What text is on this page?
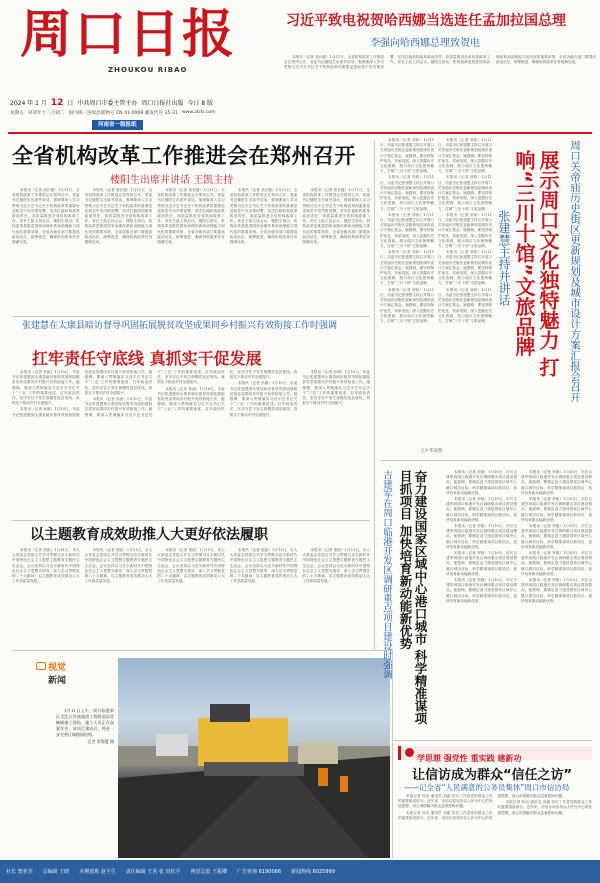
周口日报
ZHOUKOU RIBAO
习近平致电祝贺哈西娜当选连任孟加拉国总理
李强向哈西娜总理致贺电

本报讯（记者 高长健）1月11日，全省机构改革工作推进会在郑州召开。省委书记楼阳生出席并讲话，强调要深入学习贯彻习近平总书记关于机构改革的重要论述和党中央决策部署，坚决扛稳机构改革政治责任，高质量推进全省机构改革工作。省长王凯主持会议。楼阳生指出，机构改革是推进国家治理体系和治理能力现代化的重要举措，全省各级各部门要提高政治站位，统筹推进，确保机构改革任务圆满完成。

2024 年 1 月 12 日 中共周口市委主管主办 周口日报社出版 今日 8 版
星期五 癸卯年十二月初二 国内统一连续出版物号 CN 41-0069 邮发代号 35-31 www.zkrb.com
河南省一级报纸
全省机构改革工作推进会在郑州召开
楼阳生出席并讲话 王凯主持

本报讯（记者 高长健）1月11日，全省机构改革工作推进会在郑州召开。省委书记楼阳生出席并讲话，强调要深入学习贯彻习近平总书记关于机构改革的重要论述和党中央决策部署，坚决扛稳机构改革政治责任，高质量推进全省机构改革工作。省长王凯主持会议。楼阳生指出，机构改革是推进国家治理体系和治理能力现代化的重要举措，全省各级各部门要提高政治站位，统筹推进，确保机构改革任务圆满完成。

本报讯（记者 高长健）1月11日，全省机构改革工作推进会在郑州召开。省委书记楼阳生出席并讲话，强调要深入学习贯彻习近平总书记关于机构改革的重要论述和党中央决策部署，坚决扛稳机构改革政治责任，高质量推进全省机构改革工作。省长王凯主持会议。楼阳生指出，机构改革是推进国家治理体系和治理能力现代化的重要举措，全省各级各部门要提高政治站位，统筹推进，确保机构改革任务圆满完成。

本报讯（记者 高长健）1月11日，全省机构改革工作推进会在郑州召开。省委书记楼阳生出席并讲话，强调要深入学习贯彻习近平总书记关于机构改革的重要论述和党中央决策部署，坚决扛稳机构改革政治责任，高质量推进全省机构改革工作。省长王凯主持会议。楼阳生指出，机构改革是推进国家治理体系和治理能力现代化的重要举措，全省各级各部门要提高政治站位，统筹推进，确保机构改革任务圆满完成。

本报讯（记者 高长健）1月11日，全省机构改革工作推进会在郑州召开。省委书记楼阳生出席并讲话，强调要深入学习贯彻习近平总书记关于机构改革的重要论述和党中央决策部署，坚决扛稳机构改革政治责任，高质量推进全省机构改革工作。省长王凯主持会议。楼阳生指出，机构改革是推进国家治理体系和治理能力现代化的重要举措，全省各级各部门要提高政治站位，统筹推进，确保机构改革任务圆满完成。

本报讯（记者 高长健）1月11日，全省机构改革工作推进会在郑州召开。省委书记楼阳生出席并讲话，强调要深入学习贯彻习近平总书记关于机构改革的重要论述和党中央决策部署，坚决扛稳机构改革政治责任，高质量推进全省机构改革工作。省长王凯主持会议。楼阳生指出，机构改革是推进国家治理体系和治理能力现代化的重要举措，全省各级各部门要提高政治站位，统筹推进，确保机构改革任务圆满完成。

张建慧在太康县暗访督导巩固拓展脱贫攻坚成果同乡村振兴有效衔接工作时强调
扛牢责任守底线 真抓实干促发展

本报讯（记者 孙丽）1月10日，市委书记张建慧到太康县暗访督导巩固拓展脱贫攻坚成果同乡村振兴有效衔接工作。她强调，要深入贯彻落实习近平总书记关于“三农”工作的重要论述，扛牢政治责任，坚决守住不发生规模性返贫底线，真抓实干推动乡村全面振兴。

本报讯（记者 孙丽）1月10日，市委书记张建慧到太康县暗访督导巩固拓展脱贫攻坚成果同乡村振兴有效衔接工作。她强调，要深入贯彻落实习近平总书记关于“三农”工作的重要论述，扛牢政治责任，坚决守住不发生规模性返贫底线，真抓实干推动乡村全面振兴。

本报讯（记者 孙丽）1月10日，市委书记张建慧到太康县暗访督导巩固拓展脱贫攻坚成果同乡村振兴有效衔接工作。她强调，要深入贯彻落实习近平总书记关于“三农”工作的重要论述，扛牢政治责任，坚决守住不发生规模性返贫底线，真抓实干推动乡村全面振兴。

本报讯（记者 孙丽）1月10日，市委书记张建慧到太康县暗访督导巩固拓展脱贫攻坚成果同乡村振兴有效衔接工作。她强调，要深入贯彻落实习近平总书记关于“三农”工作的重要论述，扛牢政治责任，坚决守住不发生规模性返贫底线，真抓实干推动乡村全面振兴。

本报讯（记者 孙丽）1月10日，市委书记张建慧到太康县暗访督导巩固拓展脱贫攻坚成果同乡村振兴有效衔接工作。她强调，要深入贯彻落实习近平总书记关于“三农”工作的重要论述，扛牢政治责任，坚决守住不发生规模性返贫底线，真抓实干推动乡村全面振兴。

本报讯（记者 孙丽）1月10日，市委书记张建慧到太康县暗访督导巩固拓展脱贫攻坚成果同乡村振兴有效衔接工作。她强调，要深入贯彻落实习近平总书记关于“三农”工作的重要论述，扛牢政治责任，坚决守住不发生规模性返贫底线，真抓实干推动乡村全面振兴。

以主题教育成效助推人大更好依法履职

本报讯（记者 邢凯）1月11日，市人大常委会党组召开学习贯彻习近平新时代中国特色社会主义思想主题教育专题民主生活会。会议坚持以习近平新时代中国特色社会主义思想为指导，深入学习贯彻党的二十大精神，以主题教育成效推动人大工作高质量发展。

本报讯（记者 邢凯）1月11日，市人大常委会党组召开学习贯彻习近平新时代中国特色社会主义思想主题教育专题民主生活会。会议坚持以习近平新时代中国特色社会主义思想为指导，深入学习贯彻党的二十大精神，以主题教育成效推动人大工作高质量发展。

本报讯（记者 邢凯）1月11日，市人大常委会党组召开学习贯彻习近平新时代中国特色社会主义思想主题教育专题民主生活会。会议坚持以习近平新时代中国特色社会主义思想为指导，深入学习贯彻党的二十大精神，以主题教育成效推动人大工作高质量发展。

本报讯（记者 邢凯）1月11日，市人大常委会党组召开学习贯彻习近平新时代中国特色社会主义思想主题教育专题民主生活会。会议坚持以习近平新时代中国特色社会主义思想为指导，深入学习贯彻党的二十大精神，以主题教育成效推动人大工作高质量发展。

本报讯（记者 邢凯）1月11日，市人大常委会党组召开学习贯彻习近平新时代中国特色社会主义思想主题教育专题民主生活会。会议坚持以习近平新时代中国特色社会主义思想为指导，深入学习贯彻党的二十大精神，以主题教育成效推动人大工作高质量发展。

视觉
新闻

1月11日上午，周口临港新区至沈丘快速通道工程路面沥青摊铺施工现场，施工人员正在加紧作业。该项目建成后，将进一步完善区域路网结构。

记者 窦海慧 摄

本报讯（记者 刘伟）1月11日，市委书记张建慧主持召开周口关帝庙历史街区更新规划及城市设计方案汇报会。她强调，要坚持保护优先、传承发展，深入挖掘历史文化资源，展示周口文化独特魅力，打响“三川十馆”文旅品牌。

本报讯（记者 刘伟）1月11日，市委书记张建慧主持召开周口关帝庙历史街区更新规划及城市设计方案汇报会。她强调，要坚持保护优先、传承发展，深入挖掘历史文化资源，展示周口文化独特魅力，打响“三川十馆”文旅品牌。

本报讯（记者 刘伟）1月11日，市委书记张建慧主持召开周口关帝庙历史街区更新规划及城市设计方案汇报会。她强调，要坚持保护优先、传承发展，深入挖掘历史文化资源，展示周口文化独特魅力，打响“三川十馆”文旅品牌。

本报讯（记者 刘伟）1月11日，市委书记张建慧主持召开周口关帝庙历史街区更新规划及城市设计方案汇报会。她强调，要坚持保护优先、传承发展，深入挖掘历史文化资源，展示周口文化独特魅力，打响“三川十馆”文旅品牌。

本报讯（记者 刘伟）1月11日，市委书记张建慧主持召开周口关帝庙历史街区更新规划及城市设计方案汇报会。她强调，要坚持保护优先、传承发展，深入挖掘历史文化资源，展示周口文化独特魅力，打响“三川十馆”文旅品牌。

本报讯（记者 刘伟）1月11日，市委书记张建慧主持召开周口关帝庙历史街区更新规划及城市设计方案汇报会。她强调，要坚持保护优先、传承发展，深入挖掘历史文化资源，展示周口文化独特魅力，打响“三川十馆”文旅品牌。

本报讯（记者 刘伟）1月11日，市委书记张建慧主持召开周口关帝庙历史街区更新规划及城市设计方案汇报会。她强调，要坚持保护优先、传承发展，深入挖掘历史文化资源，展示周口文化独特魅力，打响“三川十馆”文旅品牌。

本报讯（记者 刘伟）1月11日，市委书记张建慧主持召开周口关帝庙历史街区更新规划及城市设计方案汇报会。她强调，要坚持保护优先、传承发展，深入挖掘历史文化资源，展示周口文化独特魅力，打响“三川十馆”文旅品牌。

本报讯（记者 刘伟）1月11日，市委书记张建慧主持召开周口关帝庙历史街区更新规划及城市设计方案汇报会。她强调，要坚持保护优先、传承发展，深入挖掘历史文化资源，展示周口文化独特魅力，打响“三川十馆”文旅品牌。

本报讯（记者 刘伟）1月11日，市委书记张建慧主持召开周口关帝庙历史街区更新规划及城市设计方案汇报会。她强调，要坚持保护优先、传承发展，深入挖掘历史文化资源，展示周口文化独特魅力，打响“三川十馆”文旅品牌。

张建慧主持并讲话	展示周口文化独特魅力 打响“三川十馆”文旅品牌	周口关帝庙历史街区更新规划及城市设计方案汇报会召开
王少华说明
吉建军在周口临港开发区调研重点项目建设时强调	奋力建设国家区域中心港口城市 科学精准谋项目抓项目 加快培育新动能新优势	本报讯（记者 李艳）1月10日，市长吉建军到周口临港开发区调研重点项目建设情况。他强调，要锚定奋力建设国家区域中心港口城市目标，科学精准谋项目抓项目，加快培育新动能新优势。

本报讯（记者 李艳）1月10日，市长吉建军到周口临港开发区调研重点项目建设情况。他强调，要锚定奋力建设国家区域中心港口城市目标，科学精准谋项目抓项目，加快培育新动能新优势。

本报讯（记者 李艳）1月10日，市长吉建军到周口临港开发区调研重点项目建设情况。他强调，要锚定奋力建设国家区域中心港口城市目标，科学精准谋项目抓项目，加快培育新动能新优势。

本报讯（记者 李艳）1月10日，市长吉建军到周口临港开发区调研重点项目建设情况。他强调，要锚定奋力建设国家区域中心港口城市目标，科学精准谋项目抓项目，加快培育新动能新优势。

本报讯（记者 李艳）1月10日，市长吉建军到周口临港开发区调研重点项目建设情况。他强调，要锚定奋力建设国家区域中心港口城市目标，科学精准谋项目抓项目，加快培育新动能新优势。

本报讯（记者 李艳）1月10日，市长吉建军到周口临港开发区调研重点项目建设情况。他强调，要锚定奋力建设国家区域中心港口城市目标，科学精准谋项目抓项目，加快培育新动能新优势。

本报讯（记者 李艳）1月10日，市长吉建军到周口临港开发区调研重点项目建设情况。他强调，要锚定奋力建设国家区域中心港口城市目标，科学精准谋项目抓项目，加快培育新动能新优势。

本报讯（记者 李艳）1月10日，市长吉建军到周口临港开发区调研重点项目建设情况。他强调，要锚定奋力建设国家区域中心港口城市目标，科学精准谋项目抓项目，加快培育新动能新优势。

本报讯（记者 李艳）1月10日，市长吉建军到周口临港开发区调研重点项目建设情况。他强调，要锚定奋力建设国家区域中心港口城市目标，科学精准谋项目抓项目，加快培育新动能新优势。

本报讯（记者 李艳）1月10日，市长吉建军到周口临港开发区调研重点项目建设情况。他强调，要锚定奋力建设国家区域中心港口城市目标，科学精准谋项目抓项目，加快培育新动能新优势。

学思想 强党性 重实践 建新功
让信访成为群众“信任之访”
——记全省“人民满意的公务员集体”周口市信访局

本报记者 杜岩 通讯员 刘霜 信访工作是党的群众工作的重要组成部分。近年来，市信访局坚持以人民为中心的发展思想，用心用情解决群众急难愁盼问题。

本报记者 杜岩 通讯员 刘霜 信访工作是党的群众工作的重要组成部分。近年来，市信访局坚持以人民为中心的发展思想，用心用情解决群众急难愁盼问题。

本报记者 杜岩 通讯员 刘霜 信访工作是党的群众工作的重要组成部分。近年来，市信访局坚持以人民为中心的发展思想，用心用情解决群众急难愁盼问题。

社长 窦亚杰 总编辑 王晓 本期值班 赵平生 责任编辑 王芮 张 田松平 视觉总监 王振卿 广告咨询 6190066 新闻热线 6025999
